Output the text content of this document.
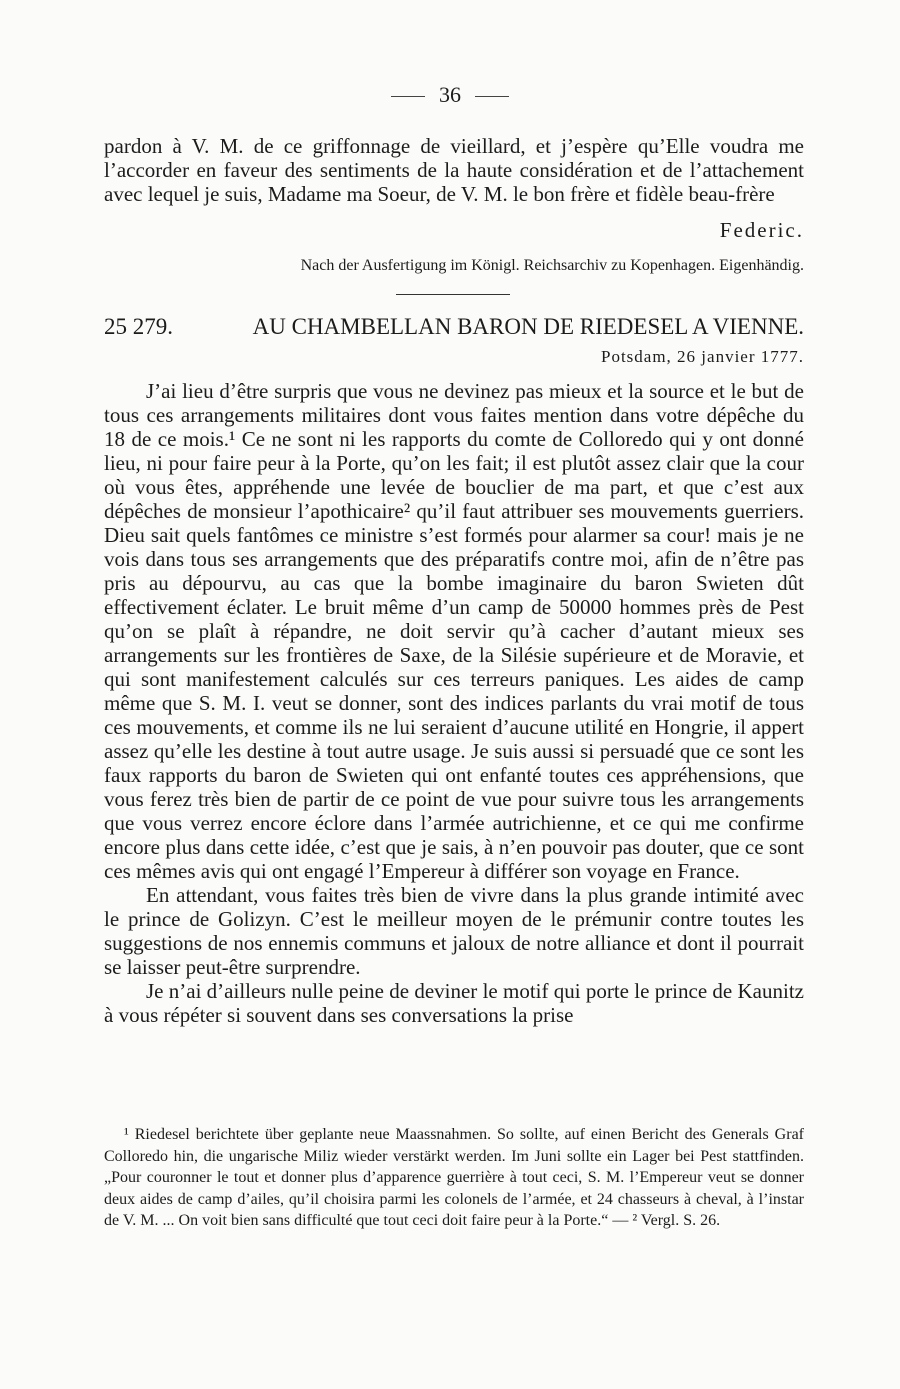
36

pardon à V. M. de ce griffonnage de vieillard, et j’espère qu’Elle voudra me l’accorder en faveur des sentiments de la haute considération et de l’attachement avec lequel je suis, Madame ma Soeur, de V. M. le bon frère et fidèle beau-frère

Federic.
Nach der Ausfertigung im Königl. Reichsarchiv zu Kopenhagen. Eigenhändig.
25 279.	AU CHAMBELLAN BARON DE RIEDESEL A VIENNE.
Potsdam, 26 janvier 1777.

J’ai lieu d’être surpris que vous ne devinez pas mieux et la source et le but de tous ces arrangements militaires dont vous faites mention dans votre dépêche du 18 de ce mois.¹ Ce ne sont ni les rapports du comte de Colloredo qui y ont donné lieu, ni pour faire peur à la Porte, qu’on les fait; il est plutôt assez clair que la cour où vous êtes, appréhende une levée de bouclier de ma part, et que c’est aux dépêches de monsieur l’apothicaire² qu’il faut attribuer ses mouvements guerriers. Dieu sait quels fantômes ce ministre s’est formés pour alarmer sa cour! mais je ne vois dans tous ses arrangements que des préparatifs contre moi, afin de n’être pas pris au dépourvu, au cas que la bombe imaginaire du baron Swieten dût effectivement éclater. Le bruit même d’un camp de 50000 hommes près de Pest qu’on se plaît à répandre, ne doit servir qu’à cacher d’autant mieux ses arrangements sur les frontières de Saxe, de la Silésie supérieure et de Moravie, et qui sont manifestement calculés sur ces terreurs paniques. Les aides de camp même que S. M. I. veut se donner, sont des indices parlants du vrai motif de tous ces mouvements, et comme ils ne lui seraient d’aucune utilité en Hongrie, il appert assez qu’elle les destine à tout autre usage. Je suis aussi si persuadé que ce sont les faux rapports du baron de Swieten qui ont enfanté toutes ces appréhensions, que vous ferez très bien de partir de ce point de vue pour suivre tous les arrangements que vous verrez encore éclore dans l’armée autrichienne, et ce qui me confirme encore plus dans cette idée, c’est que je sais, à n’en pouvoir pas douter, que ce sont ces mêmes avis qui ont engagé l’Empereur à différer son voyage en France.

En attendant, vous faites très bien de vivre dans la plus grande intimité avec le prince de Golizyn. C’est le meilleur moyen de le prémunir contre toutes les suggestions de nos ennemis communs et jaloux de notre alliance et dont il pourrait se laisser peut-être surprendre.

Je n’ai d’ailleurs nulle peine de deviner le motif qui porte le prince de Kaunitz à vous répéter si souvent dans ses conversations la prise

¹ Riedesel berichtete über geplante neue Maassnahmen. So sollte, auf einen Bericht des Generals Graf Colloredo hin, die ungarische Miliz wieder verstärkt werden. Im Juni sollte ein Lager bei Pest stattfinden. „Pour couronner le tout et donner plus d’apparence guerrière à tout ceci, S. M. l’Empereur veut se donner deux aides de camp d’ailes, qu’il choisira parmi les colonels de l’armée, et 24 chasseurs à cheval, à l’instar de V. M. ... On voit bien sans difficulté que tout ceci doit faire peur à la Porte.“ — ² Vergl. S. 26.
